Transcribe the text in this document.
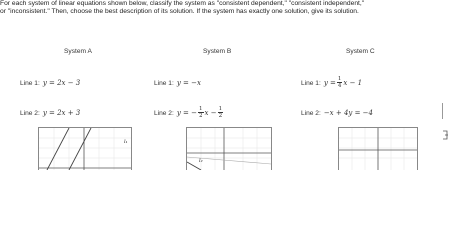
For each system of linear equations shown below, classify the system as "consistent dependent," "consistent independent,"
or "inconsistent." Then, choose the best description of its solution. If the system has exactly one solution, give its solution.
System A
Line 1: y = 2x − 3
Line 2: y = 2x + 3
System B
Line 1: y = −x
Line 2: y = − $\frac{1}{2}$ $x - \frac{1}{2}$
System C
Line 1: $y = \frac{1}{4}$ x − 1
Line 2: −x + 4y = −4
l₁
l₂
